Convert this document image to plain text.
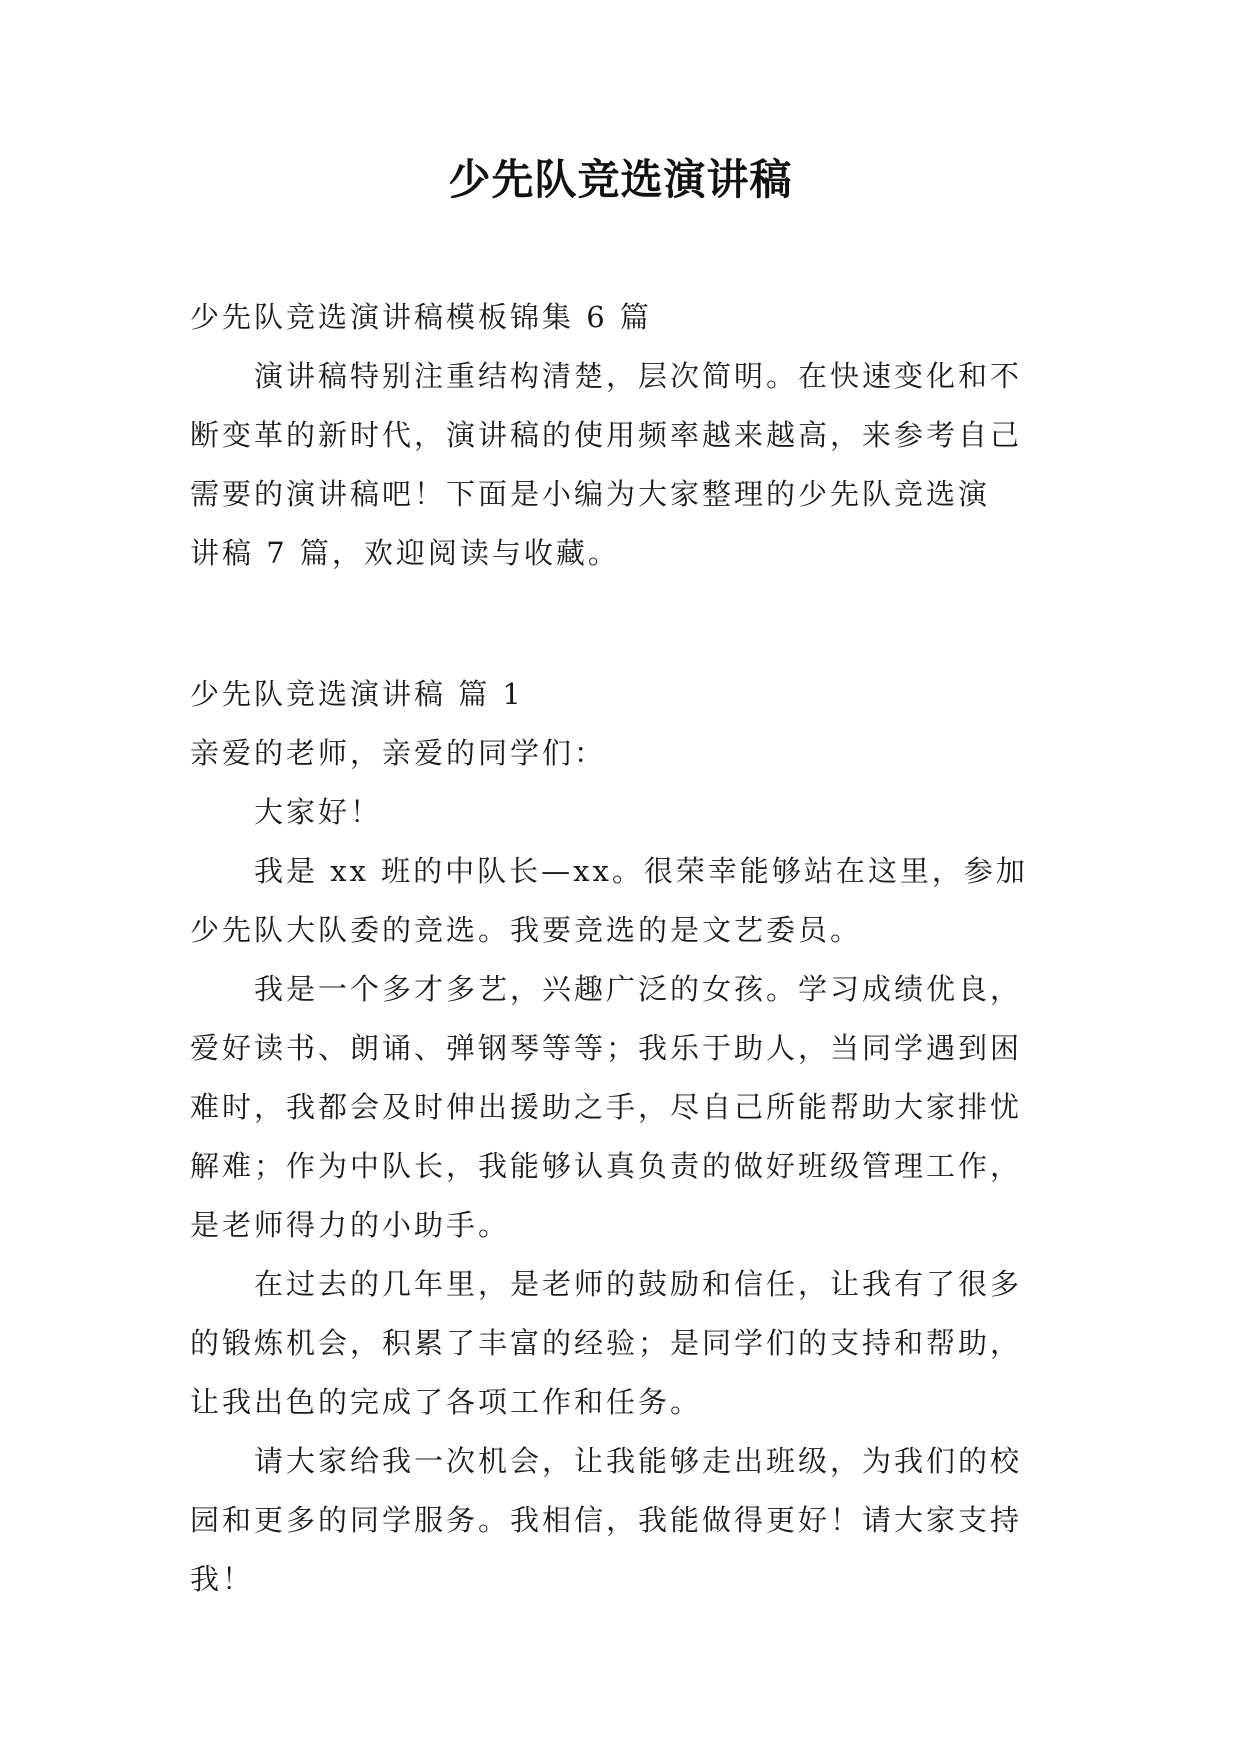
少先队竞选演讲稿

少先队竞选演讲稿模板锦集 6 篇

演讲稿特别注重结构清楚，层次简明。在快速变化和不
断变革的新时代，演讲稿的使用频率越来越高，来参考自己
需要的演讲稿吧！下面是小编为大家整理的少先队竞选演
讲稿 7 篇，欢迎阅读与收藏。

少先队竞选演讲稿 篇 1

亲爱的老师，亲爱的同学们：

大家好！

我是 xx 班的中队长—xx。很荣幸能够站在这里，参加
少先队大队委的竞选。我要竞选的是文艺委员。

我是一个多才多艺，兴趣广泛的女孩。学习成绩优良，
爱好读书、朗诵、弹钢琴等等；我乐于助人，当同学遇到困
难时，我都会及时伸出援助之手，尽自己所能帮助大家排忧
解难；作为中队长，我能够认真负责的做好班级管理工作，
是老师得力的小助手。

在过去的几年里，是老师的鼓励和信任，让我有了很多
的锻炼机会，积累了丰富的经验；是同学们的支持和帮助，
让我出色的完成了各项工作和任务。

请大家给我一次机会，让我能够走出班级，为我们的校
园和更多的同学服务。我相信，我能做得更好！请大家支持
我！
